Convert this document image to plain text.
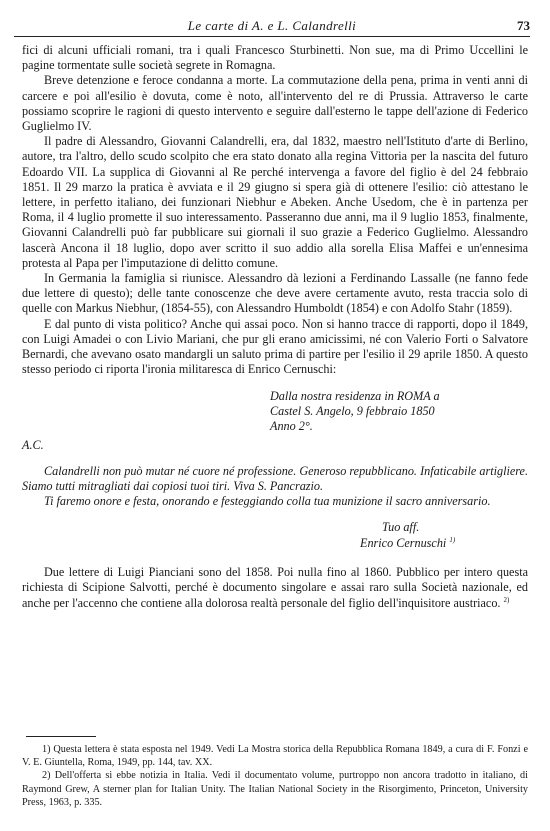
Le carte di A. e L. Calandrelli	73

fici di alcuni ufficiali romani, tra i quali Francesco Sturbinetti. Non sue, ma di Primo Uccellini le pagine tormentate sulle società segrete in Romagna.

Breve detenzione e feroce condanna a morte. La commutazione della pena, prima in venti anni di carcere e poi all'esilio è dovuta, come è noto, all'intervento del re di Prussia. Attraverso le carte possiamo scoprire le ragioni di questo intervento e seguire dall'esterno le tappe dell'azione di Federico Guglielmo IV.

Il padre di Alessandro, Giovanni Calandrelli, era, dal 1832, maestro nell'Istituto d'arte di Berlino, autore, tra l'altro, dello scudo scolpito che era stato donato alla regina Vittoria per la nascita del futuro Edoardo VII. La supplica di Giovanni al Re perché intervenga a favore del figlio è del 24 febbraio 1851. Il 29 marzo la pratica è avviata e il 29 giugno si spera già di ottenere l'esilio: ciò attestano le lettere, in perfetto italiano, dei funzionari Niebhur e Abeken. Anche Usedom, che è in partenza per Roma, il 4 luglio promette il suo interessamento. Passeranno due anni, ma il 9 luglio 1853, finalmente, Giovanni Calandrelli può far pubblicare sui giornali il suo grazie a Federico Guglielmo. Alessandro lascerà Ancona il 18 luglio, dopo aver scritto il suo addio alla sorella Elisa Maffei e un'ennesima protesta al Papa per l'imputazione di delitto comune.

In Germania la famiglia si riunisce. Alessandro dà lezioni a Ferdinando Lassalle (ne fanno fede due lettere di questo); delle tante conoscenze che deve avere certamente avuto, resta traccia solo di quelle con Markus Niebhur, (1854-55), con Alessandro Humboldt (1854) e con Adolfo Stahr (1859).

E dal punto di vista politico? Anche qui assai poco. Non si hanno tracce di rapporti, dopo il 1849, con Luigi Amadei o con Livio Mariani, che pur gli erano amicissimi, né con Valerio Forti o Salvatore Bernardi, che avevano osato mandargli un saluto prima di partire per l'esilio il 29 aprile 1850. A questo stesso periodo ci riporta l'ironia militaresca di Enrico Cernuschi:

Dalla nostra residenza in ROMA a
Castel S. Angelo, 9 febbraio 1850
Anno 2°.

A.C.

Calandrelli non può mutar né cuore né professione. Generoso repubblicano. Infaticabile artigliere. Siamo tutti mitragliati dai copiosi tuoi tiri. Viva S. Pancrazio.

Ti faremo onore e festa, onorando e festeggiando colla tua munizione il sacro anniversario.

Tuo aff.
Enrico Cernuschi $^{1)}$

Due lettere di Luigi Pianciani sono del 1858. Poi nulla fino al 1860. Pubblico per intero questa richiesta di Scipione Salvotti, perché è documento singolare e assai raro sulla Società nazionale, ed anche per l'accenno che contiene alla dolorosa realtà personale del figlio dell'inquisitore austriaco. $^{2)}$

1) Questa lettera è stata esposta nel 1949. Vedi La Mostra storica della Repubblica Romana 1849, a cura di F. Fonzi e V. E. Giuntella, Roma, 1949, pp. 144, tav. XX.

2) Dell'offerta si ebbe notizia in Italia. Vedi il documentato volume, purtroppo non ancora tradotto in italiano, di Raymond Grew, A sterner plan for Italian Unity. The Italian National Society in the Risorgimento, Princeton, University Press, 1963, p. 335.
